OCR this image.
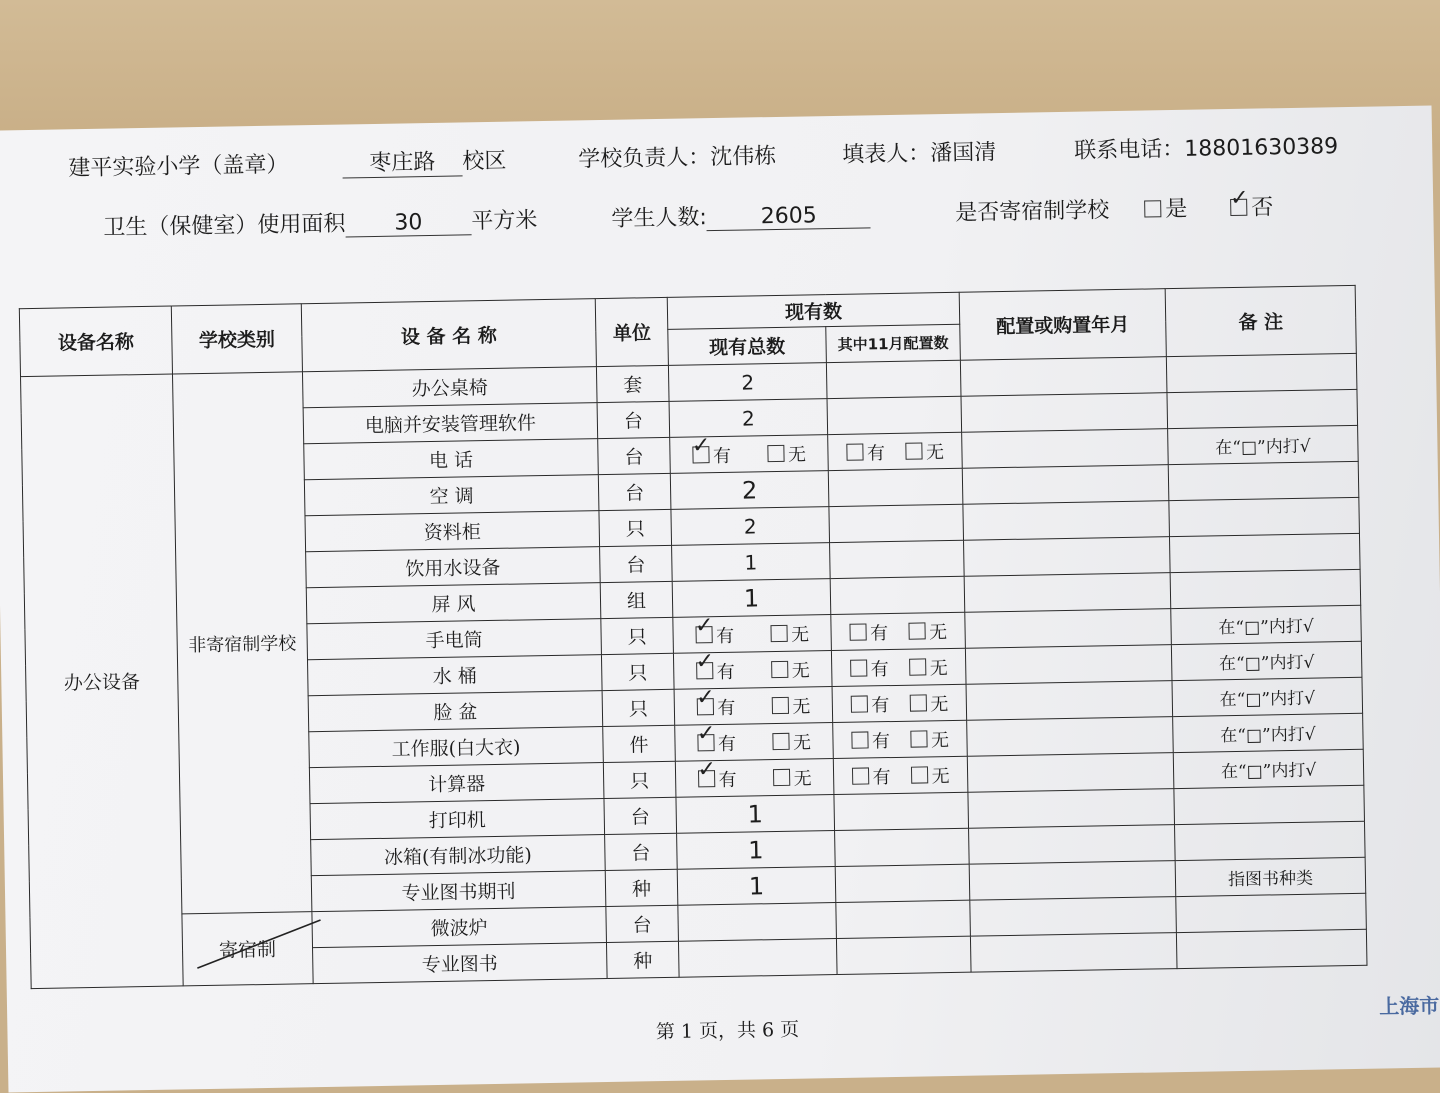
建平实验小学（盖章）	枣庄路 校区	学校负责人：沈伟栋	填表人：潘国清	联系电话：18801630389
卫生（保健室）使用面积 30 平方米	学生人数: 2605	是否寄宿制学校	是 ✓	否
设备名称	学校类别	设 备 名 称	单位	现有数		配置或购置年月	备 注
				现有总数	其中11月配置数		
办公设备	非寄宿制学校	办公桌椅	套	2			
		电脑并安装管理软件	台	2			
		电 话	台	✓有 无	有 无		在“□”内打√
		空 调	台	2			
		资料柜	只	2			
		饮用水设备	台	1			
		屏 风	组	1			
		手电筒	只	✓有 无	有 无		在“□”内打√
		水 桶	只	✓有 无	有 无		在“□”内打√
		脸 盆	只	✓有 无	有 无		在“□”内打√
		工作服(白大衣)	件	✓有 无	有 无		在“□”内打√
		计算器	只	✓有 无	有 无		在“□”内打√
		打印机	台	1			
		冰箱(有制冰功能)	台	1			
		专业图书期刊	种	1			指图书种类
	寄宿制	微波炉	台				
		专业图书	种				
第 1 页，共 6 页
上海市
